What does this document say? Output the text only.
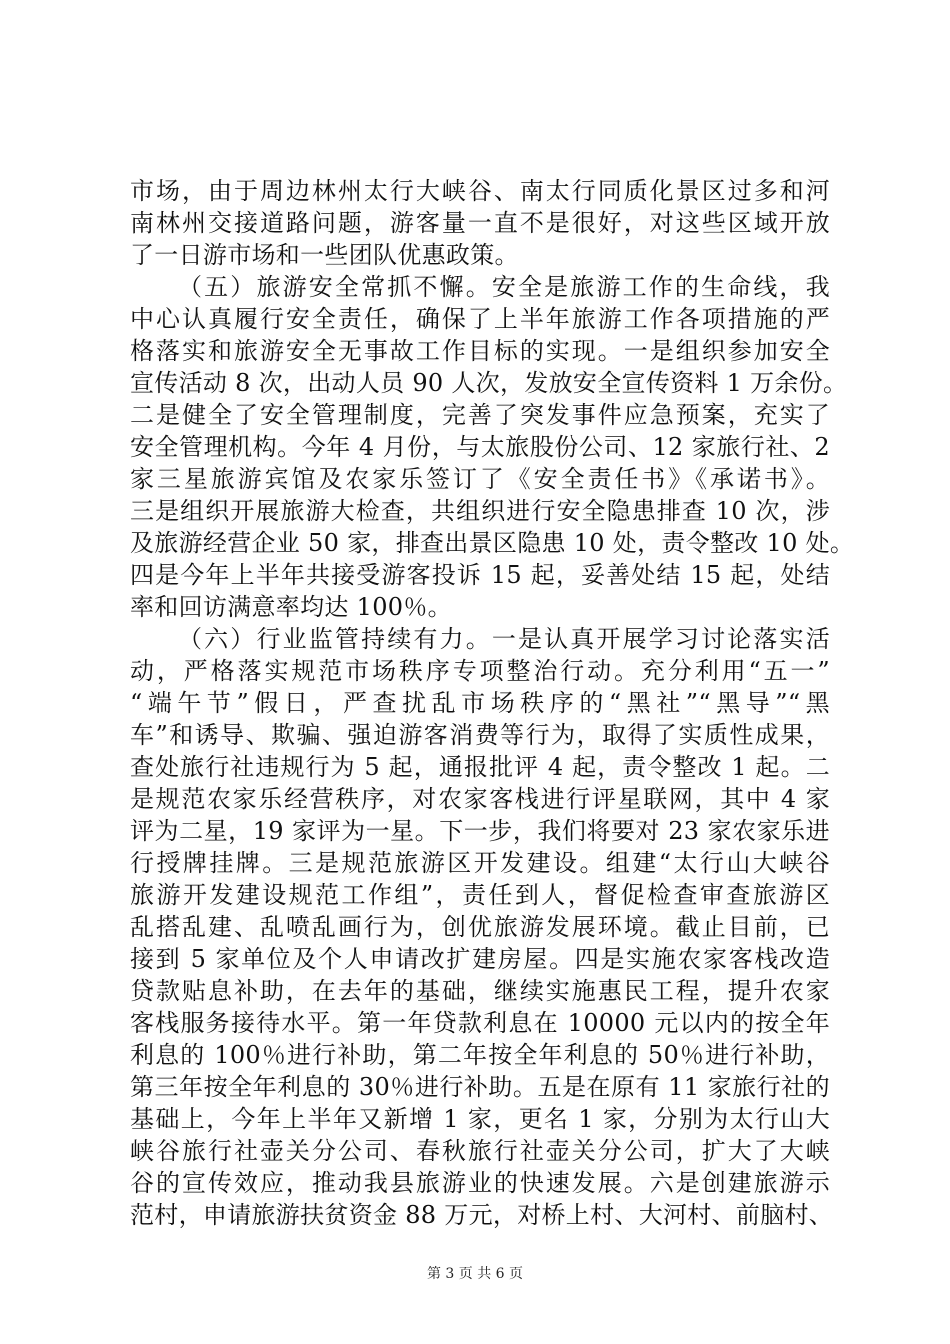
市场，由于周边林州太行大峡谷、南太行同质化景区过多和河
南林州交接道路问题，游客量一直不是很好，对这些区域开放
了一日游市场和一些团队优惠政策。
（五）旅游安全常抓不懈。安全是旅游工作的生命线，我
中心认真履行安全责任，确保了上半年旅游工作各项措施的严
格落实和旅游安全无事故工作目标的实现。一是组织参加安全
宣传活动 8 次，出动人员 90 人次，发放安全宣传资料 1 万余份。
二是健全了安全管理制度，完善了突发事件应急预案，充实了
安全管理机构。今年 4 月份，与太旅股份公司、12 家旅行社、2
家三星旅游宾馆及农家乐签订了《安全责任书》《承诺书》。
三是组织开展旅游大检查，共组织进行安全隐患排查 10 次，涉
及旅游经营企业 50 家，排查出景区隐患 10 处，责令整改 10 处。
四是今年上半年共接受游客投诉 15 起，妥善处结 15 起，处结
率和回访满意率均达 100％。
（六）行业监管持续有力。一是认真开展学习讨论落实活
动，严格落实规范市场秩序专项整治行动。充分利用“五一”
“端午节”假日，严查扰乱市场秩序的“黑社”“黑导”“黑
车”和诱导、欺骗、强迫游客消费等行为，取得了实质性成果，
查处旅行社违规行为 5 起，通报批评 4 起，责令整改 1 起。二
是规范农家乐经营秩序，对农家客栈进行评星联网，其中 4 家
评为二星，19 家评为一星。下一步，我们将要对 23 家农家乐进
行授牌挂牌。三是规范旅游区开发建设。组建“太行山大峡谷
旅游开发建设规范工作组”，责任到人，督促检查审查旅游区
乱搭乱建、乱喷乱画行为，创优旅游发展环境。截止目前，已
接到 5 家单位及个人申请改扩建房屋。四是实施农家客栈改造
贷款贴息补助，在去年的基础，继续实施惠民工程，提升农家
客栈服务接待水平。第一年贷款利息在 10000 元以内的按全年
利息的 100％进行补助，第二年按全年利息的 50％进行补助，
第三年按全年利息的 30％进行补助。五是在原有 11 家旅行社的
基础上，今年上半年又新增 1 家，更名 1 家，分别为太行山大
峡谷旅行社壶关分公司、春秋旅行社壶关分公司，扩大了大峡
谷的宣传效应，推动我县旅游业的快速发展。六是创建旅游示
范村，申请旅游扶贫资金 88 万元，对桥上村、大河村、前脑村、
第 3 页 共 6 页
